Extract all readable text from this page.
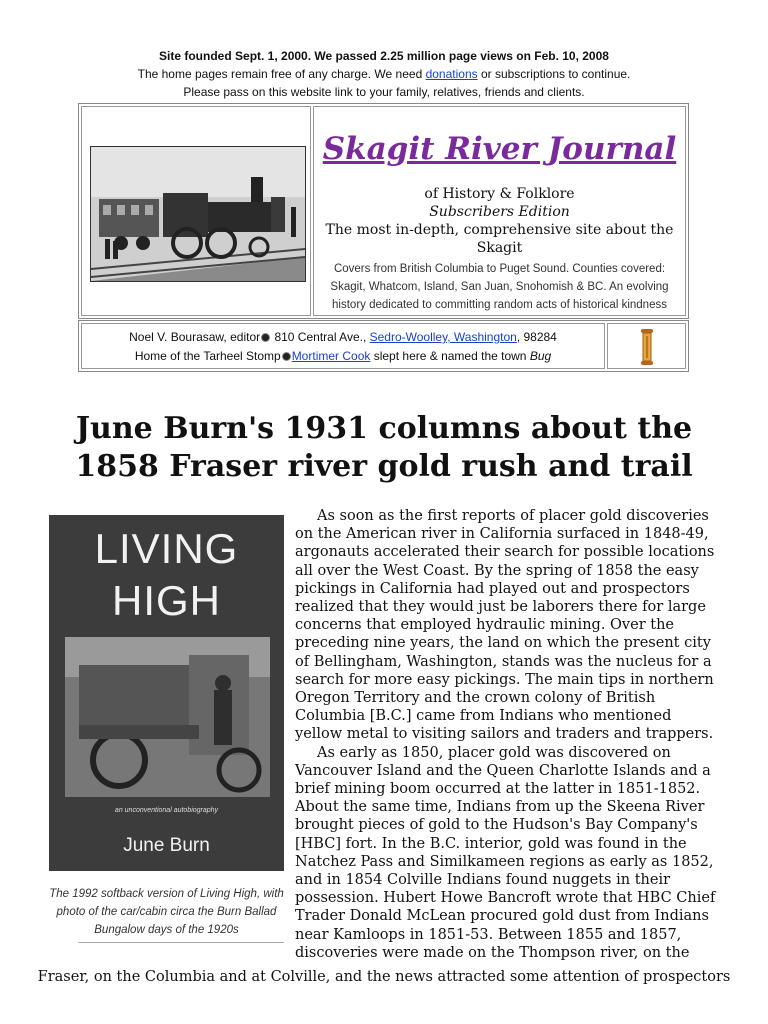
Site founded Sept. 1, 2000. We passed 2.25 million page views on Feb. 10, 2008
The home pages remain free of any charge. We need donations or subscriptions to continue.
Please pass on this website link to your family, relatives, friends and clients.
Skagit River Journal
of History & Folklore
Subscribers Edition
The most in-depth, comprehensive site about the Skagit
Covers from British Columbia to Puget Sound. Counties covered: Skagit, Whatcom, Island, San Juan, Snohomish & BC. An evolving history dedicated to committing random acts of historical kindness
Noel V. Bourasaw, editor 810 Central Ave., Sedro-Woolley, Washington, 98284
Home of the Tarheel Stomp Mortimer Cook slept here & named the town Bug
June Burn's 1931 columns about the
1858 Fraser river gold rush and trail
LIVING
HIGH
an unconventional autobiography
June Burn
The 1992 softback version of Living High, with photo of the car/cabin circa the Burn Ballad Bungalow days of the 1920s

As soon as the first reports of placer gold discoveries on the American river in California surfaced in 1848-49, argonauts accelerated their search for possible locations all over the West Coast. By the spring of 1858 the easy pickings in California had played out and prospectors realized that they would just be laborers there for large concerns that employed hydraulic mining. Over the preceding nine years, the land on which the present city of Bellingham, Washington, stands was the nucleus for a search for more easy pickings. The main tips in northern Oregon Territory and the crown colony of British Columbia [B.C.] came from Indians who mentioned yellow metal to visiting sailors and traders and trappers.

As early as 1850, placer gold was discovered on Vancouver Island and the Queen Charlotte Islands and a brief mining boom occurred at the latter in 1851-1852. About the same time, Indians from up the Skeena River brought pieces of gold to the Hudson's Bay Company's [HBC] fort. In the B.C. interior, gold was found in the Natchez Pass and Similkameen regions as early as 1852, and in 1854 Colville Indians found nuggets in their possession. Hubert Howe Bancroft wrote that HBC Chief Trader Donald McLean procured gold dust from Indians near Kamloops in 1851-53. Between 1855 and 1857, discoveries were made on the Thompson river, on the

Fraser, on the Columbia and at Colville, and the news attracted some attention of prospectors
